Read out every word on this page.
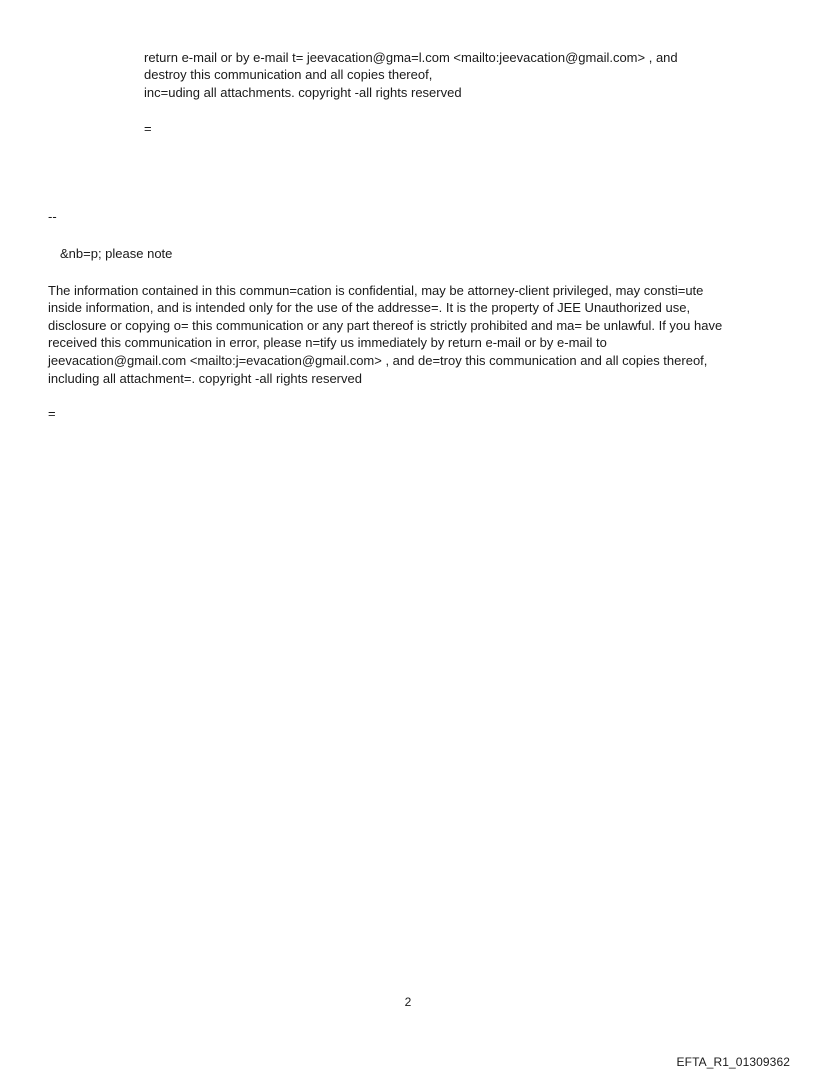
return e-mail or by e-mail t= jeevacation@gma=l.com <mailto:jeevacation@gmail.com> , and
destroy this communication and all copies thereof,
inc=uding all attachments. copyright -all rights reserved
=
--
&nb=p; please note
The information contained in this commun=cation is confidential, may be attorney-client privileged, may consti=ute
inside information, and is intended only for the use of the addresse=. It is the property of JEE Unauthorized use,
disclosure or copying o= this communication or any part thereof is strictly prohibited and ma= be unlawful. If you have
received this communication in error, please n=tify us immediately by return e-mail or by e-mail to
jeevacation@gmail.com <mailto:j=evacation@gmail.com> , and de=troy this communication and all copies thereof,
including all attachment=. copyright -all rights reserved
=
2
EFTA_R1_01309362
